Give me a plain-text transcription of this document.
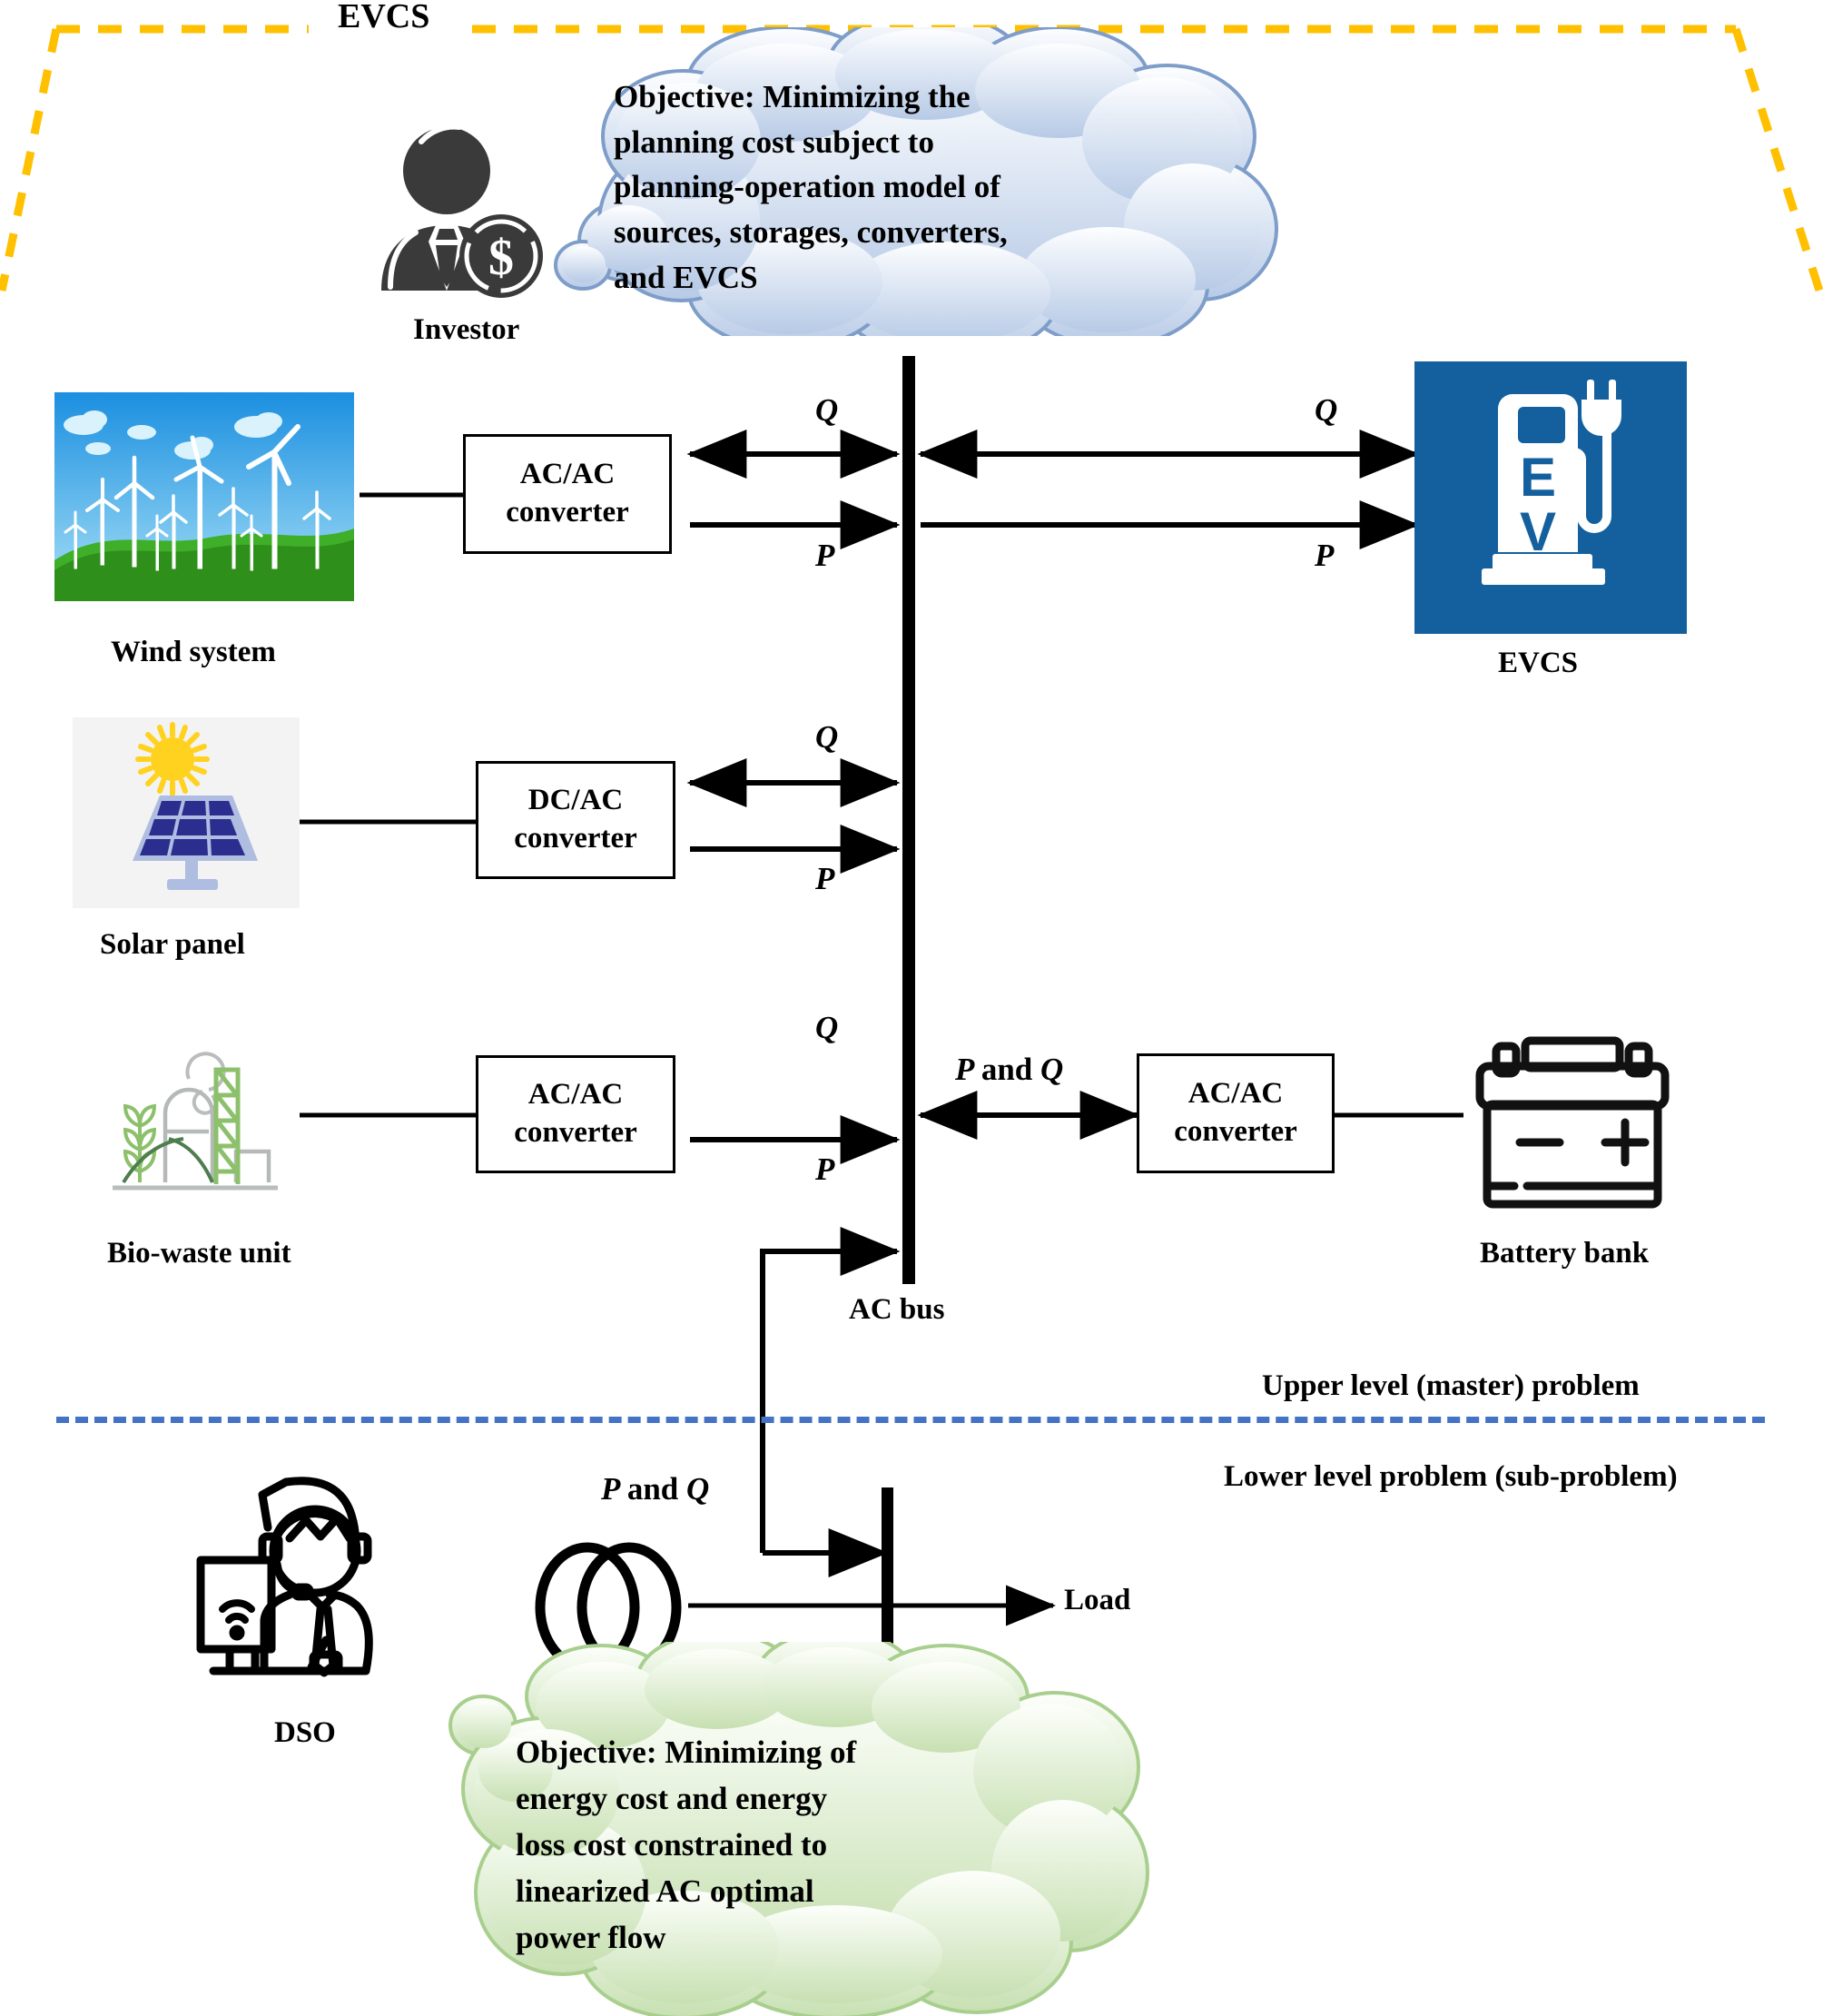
EVCS
Objective: Minimizing the
planning cost subject to
planning-operation model of
sources, storages, converters,
and EVCS
$
Investor
AC bus
Wind system
AC/AC
converter
Q
P
Q
P
E
V
EVCS
Solar panel
DC/AC
converter
Q
P
Bio-waste unit
AC/AC
converter
Q
P
P and Q
AC/AC
converter
Battery bank
Upper level (master) problem
Lower level problem (sub-problem)
DSO
P and Q
Load
Objective: Minimizing of
energy cost and energy
loss cost constrained to
linearized AC optimal
power flow
